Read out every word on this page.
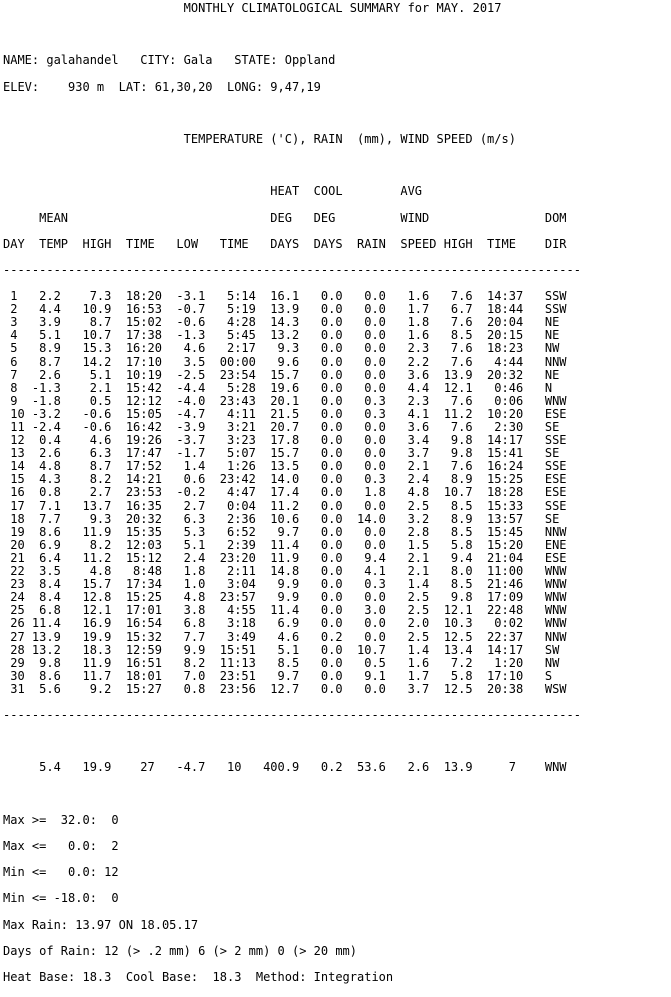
MONTHLY CLIMATOLOGICAL SUMMARY for MAY. 2017

NAME: galahandel   CITY: Gala   STATE: Oppland

ELEV:    930 m  LAT: 61,30,20  LONG: 9,47,19

TEMPERATURE ('C), RAIN  (mm), WIND SPEED (m/s)

HEAT  COOL        AVG

MEAN                            DEG   DEG         WIND                DOM

DAY  TEMP  HIGH  TIME   LOW   TIME   DAYS  DAYS  RAIN  SPEED HIGH  TIME    DIR

--------------------------------------------------------------------------------

1   2.2    7.3  18:20  -3.1   5:14  16.1   0.0   0.0   1.6   7.6  14:37   SSW
2   4.4   10.9  16:53  -0.7   5:19  13.9   0.0   0.0   1.7   6.7  18:44   SSW
3   3.9    8.7  15:02  -0.6   4:28  14.3   0.0   0.0   1.8   7.6  20:04   NE
4   5.1   10.7  17:38  -1.3   5:45  13.2   0.0   0.0   1.6   8.5  20:15   NE
5   8.9   15.3  16:20   4.6   2:17   9.3   0.0   0.0   2.3   7.6  18:23   NW
6   8.7   14.2  17:10   3.5  00:00   9.6   0.0   0.0   2.2   7.6   4:44   NNW
7   2.6    5.1  10:19  -2.5  23:54  15.7   0.0   0.0   3.6  13.9  20:32   NE
8  -1.3    2.1  15:42  -4.4   5:28  19.6   0.0   0.0   4.4  12.1   0:46   N
9  -1.8    0.5  12:12  -4.0  23:43  20.1   0.0   0.3   2.3   7.6   0:06   WNW
10 -3.2   -0.6  15:05  -4.7   4:11  21.5   0.0   0.3   4.1  11.2  10:20   ESE
11 -2.4   -0.6  16:42  -3.9   3:21  20.7   0.0   0.0   3.6   7.6   2:30   SE
12  0.4    4.6  19:26  -3.7   3:23  17.8   0.0   0.0   3.4   9.8  14:17   SSE
13  2.6    6.3  17:47  -1.7   5:07  15.7   0.0   0.0   3.7   9.8  15:41   SE
14  4.8    8.7  17:52   1.4   1:26  13.5   0.0   0.0   2.1   7.6  16:24   SSE
15  4.3    8.2  14:21   0.6  23:42  14.0   0.0   0.3   2.4   8.9  15:25   ESE
16  0.8    2.7  23:53  -0.2   4:47  17.4   0.0   1.8   4.8  10.7  18:28   ESE
17  7.1   13.7  16:35   2.7   0:04  11.2   0.0   0.0   2.5   8.5  15:33   SSE
18  7.7    9.3  20:32   6.3   2:36  10.6   0.0  14.0   3.2   8.9  13:57   SE
19  8.6   11.9  15:35   5.3   6:52   9.7   0.0   0.0   2.8   8.5  15:45   NNW
20  6.9    8.2  12:03   5.1   2:39  11.4   0.0   0.0   1.5   5.8  15:20   ENE
21  6.4   11.2  15:12   2.4  23:20  11.9   0.0   9.4   2.1   9.4  21:04   ESE
22  3.5    4.8   8:48   1.8   2:11  14.8   0.0   4.1   2.1   8.0  11:00   WNW
23  8.4   15.7  17:34   1.0   3:04   9.9   0.0   0.3   1.4   8.5  21:46   WNW
24  8.4   12.8  15:25   4.8  23:57   9.9   0.0   0.0   2.5   9.8  17:09   WNW
25  6.8   12.1  17:01   3.8   4:55  11.4   0.0   3.0   2.5  12.1  22:48   WNW
26 11.4   16.9  16:54   6.8   3:18   6.9   0.0   0.0   2.0  10.3   0:02   WNW
27 13.9   19.9  15:32   7.7   3:49   4.6   0.2   0.0   2.5  12.5  22:37   NNW
28 13.2   18.3  12:59   9.9  15:51   5.1   0.0  10.7   1.4  13.4  14:17   SW
29  9.8   11.9  16:51   8.2  11:13   8.5   0.0   0.5   1.6   7.2   1:20   NW
30  8.6   11.7  18:01   7.0  23:51   9.7   0.0   9.1   1.7   5.8  17:10   S
31  5.6    9.2  15:27   0.8  23:56  12.7   0.0   0.0   3.7  12.5  20:38   WSW

--------------------------------------------------------------------------------

5.4   19.9    27   -4.7   10   400.9   0.2  53.6   2.6  13.9     7    WNW

Max >=  32.0:  0

Max <=   0.0:  2

Min <=   0.0: 12

Min <= -18.0:  0

Max Rain: 13.97 ON 18.05.17

Days of Rain: 12 (> .2 mm) 6 (> 2 mm) 0 (> 20 mm)

Heat Base: 18.3  Cool Base:  18.3  Method: Integration
